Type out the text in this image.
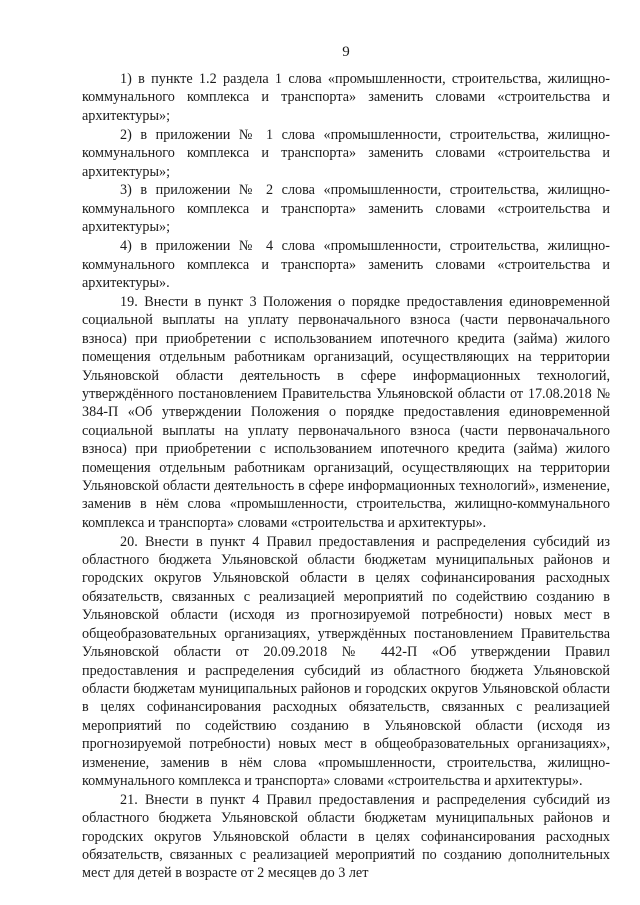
9

1) в пункте 1.2 раздела 1 слова «промышленности, строительства, жилищно-коммунального комплекса и транспорта» заменить словами «строительства и архитектуры»;

2) в приложении № 1 слова «промышленности, строительства, жилищно-коммунального комплекса и транспорта» заменить словами «строительства и архитектуры»;

3) в приложении № 2 слова «промышленности, строительства, жилищно-коммунального комплекса и транспорта» заменить словами «строительства и архитектуры»;

4) в приложении № 4 слова «промышленности, строительства, жилищно-коммунального комплекса и транспорта» заменить словами «строительства и архитектуры».

19. Внести в пункт 3 Положения о порядке предоставления единовременной социальной выплаты на уплату первоначального взноса (части первоначального взноса) при приобретении с использованием ипотечного кредита (займа) жилого помещения отдельным работникам организаций, осуществляющих на территории Ульяновской области деятельность в сфере информационных технологий, утверждённого постановлением Правительства Ульяновской области от 17.08.2018 № 384-П «Об утверждении Положения о порядке предоставления единовременной социальной выплаты на уплату первоначального взноса (части первоначального взноса) при приобретении с использованием ипотечного кредита (займа) жилого помещения отдельным работникам организаций, осуществляющих на территории Ульяновской области деятельность в сфере информационных технологий», изменение, заменив в нём слова «промышленности, строительства, жилищно-коммунального комплекса и транспорта» словами «строительства и архитектуры».

20. Внести в пункт 4 Правил предоставления и распределения субсидий из областного бюджета Ульяновской области бюджетам муниципальных районов и городских округов Ульяновской области в целях софинансирования расходных обязательств, связанных с реализацией мероприятий по содействию созданию в Ульяновской области (исходя из прогнозируемой потребности) новых мест в общеобразовательных организациях, утверждённых постановлением Правительства Ульяновской области от 20.09.2018 № 442-П «Об утверждении Правил предоставления и распределения субсидий из областного бюджета Ульяновской области бюджетам муниципальных районов и городских округов Ульяновской области в целях софинансирования расходных обязательств, связанных с реализацией мероприятий по содействию созданию в Ульяновской области (исходя из прогнозируемой потребности) новых мест в общеобразовательных организациях», изменение, заменив в нём слова «промышленности, строительства, жилищно-коммунального комплекса и транспорта» словами «строительства и архитектуры».

21. Внести в пункт 4 Правил предоставления и распределения субсидий из областного бюджета Ульяновской области бюджетам муниципальных районов и городских округов Ульяновской области в целях софинансирования расходных обязательств, связанных с реализацией мероприятий по созданию дополнительных мест для детей в возрасте от 2 месяцев до 3 лет
